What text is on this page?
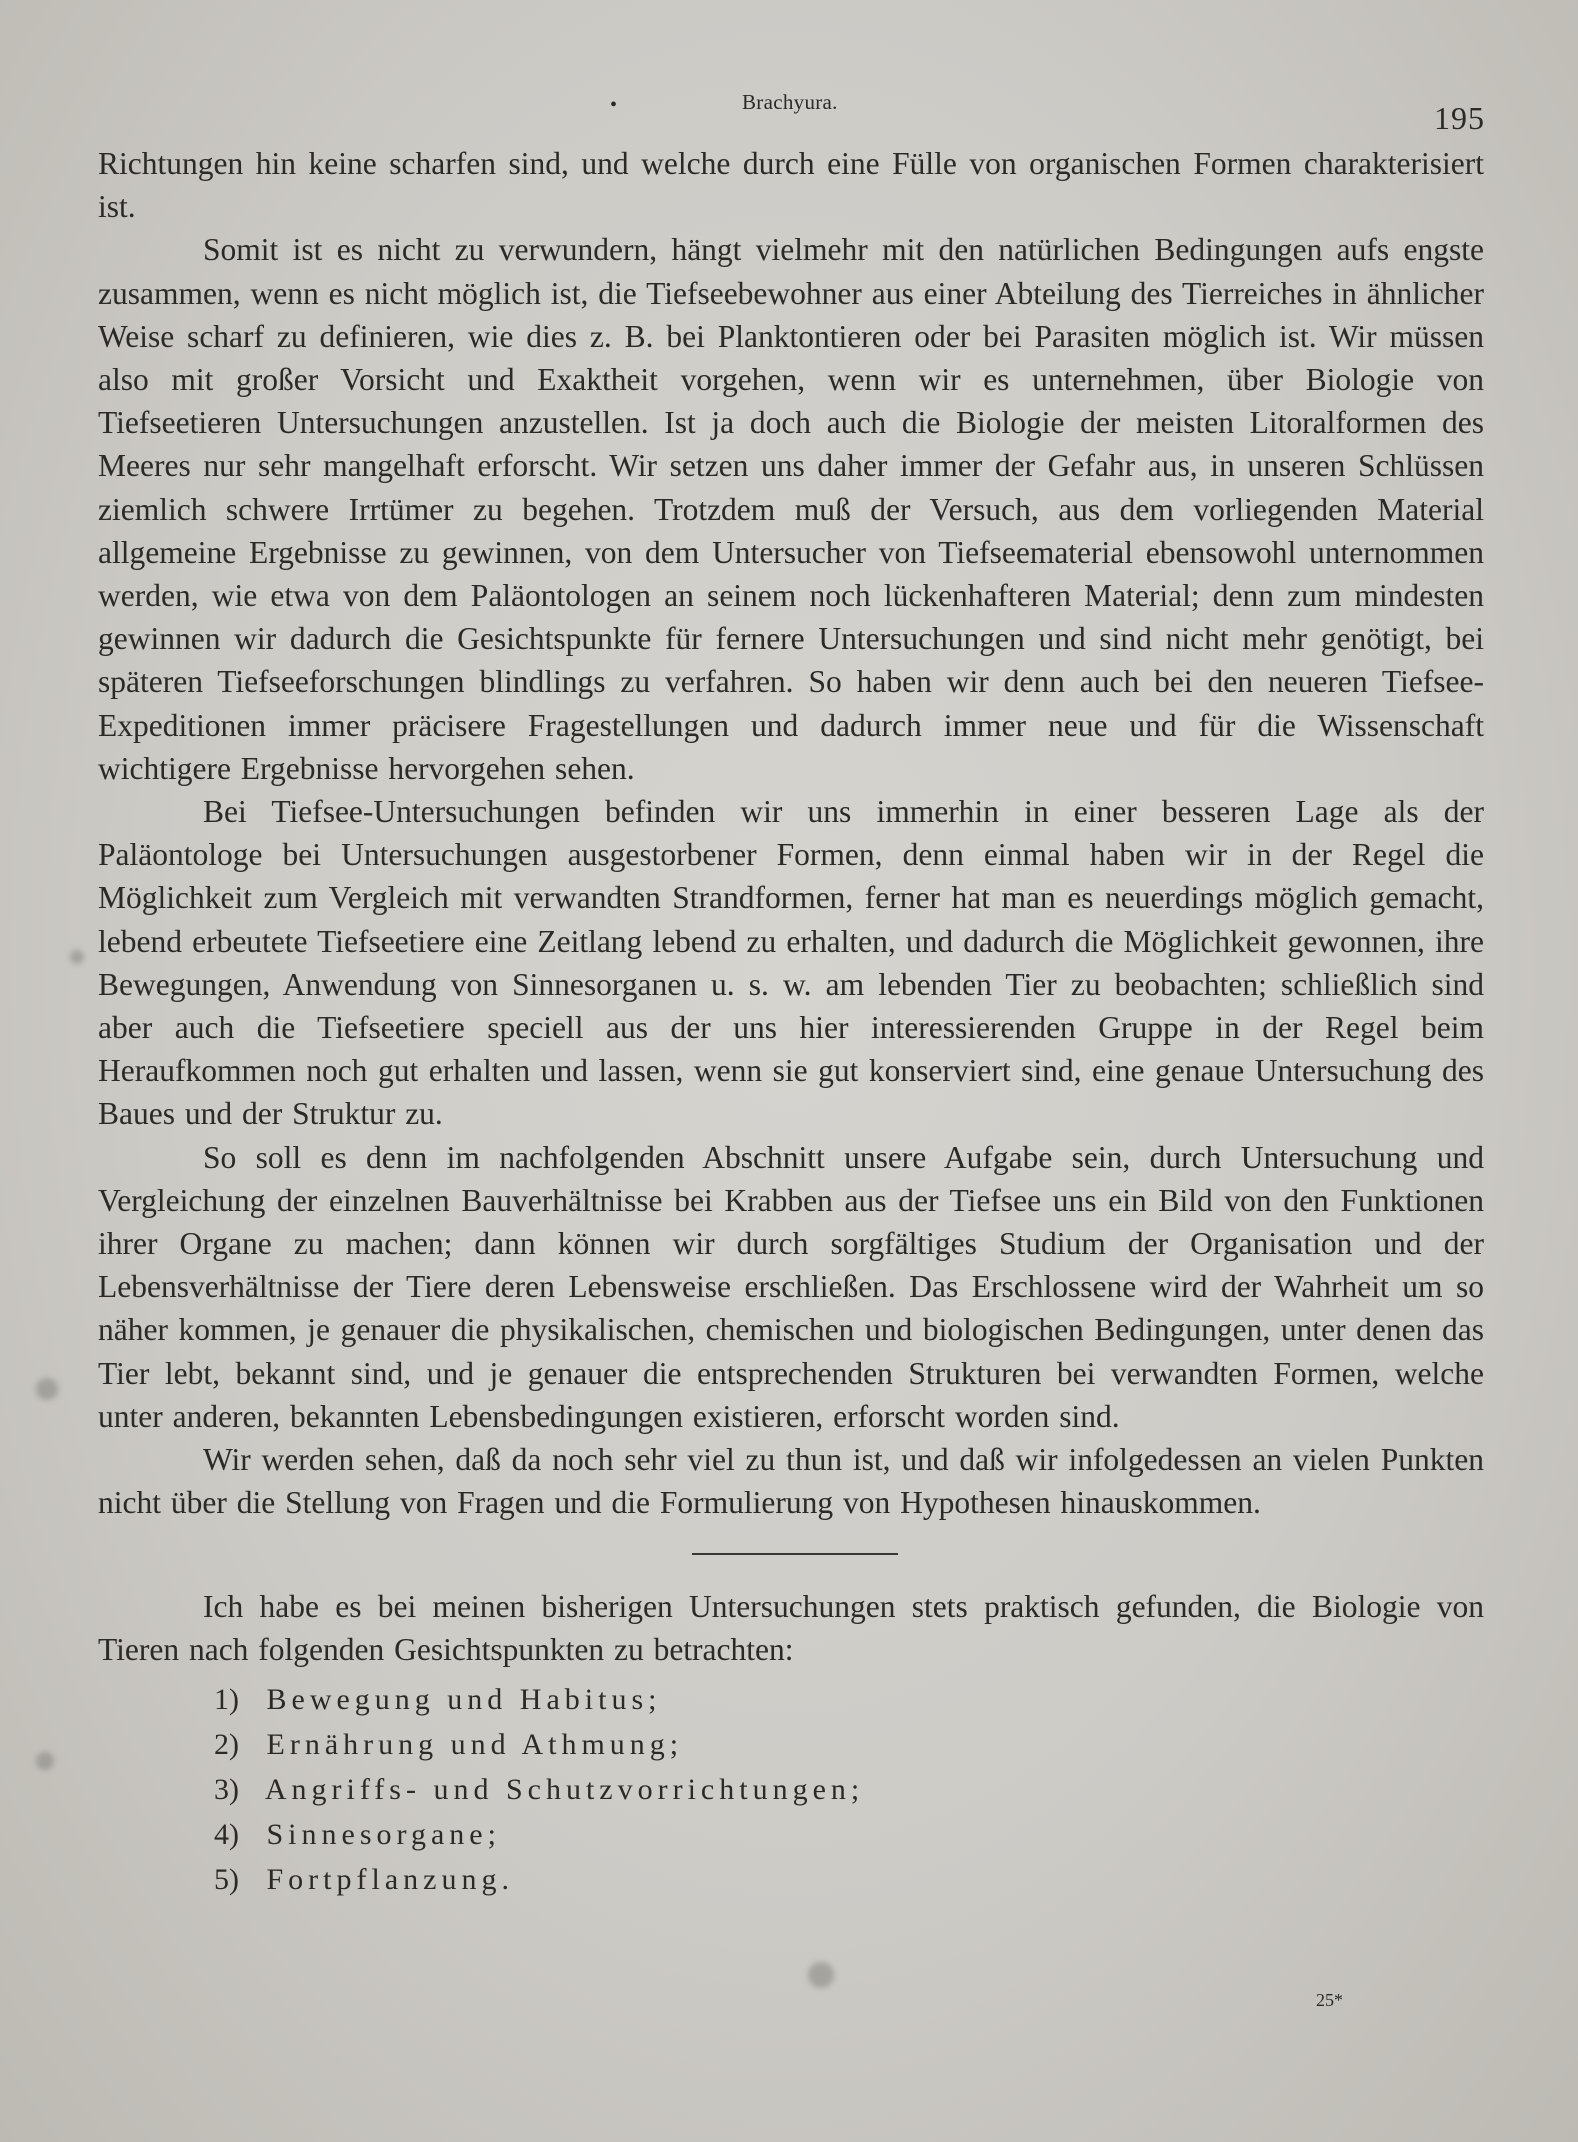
•	Brachyura.	195

Richtungen hin keine scharfen sind, und welche durch eine Fülle von organischen Formen charakterisiert ist.

Somit ist es nicht zu verwundern, hängt vielmehr mit den natürlichen Bedingungen aufs engste zusammen, wenn es nicht möglich ist, die Tiefseebewohner aus einer Abteilung des Tierreiches in ähnlicher Weise scharf zu definieren, wie dies z. B. bei Planktontieren oder bei Parasiten möglich ist. Wir müssen also mit großer Vorsicht und Exaktheit vorgehen, wenn wir es unternehmen, über Biologie von Tiefseetieren Untersuchungen anzustellen. Ist ja doch auch die Biologie der meisten Litoralformen des Meeres nur sehr mangelhaft erforscht. Wir setzen uns daher immer der Gefahr aus, in unseren Schlüssen ziemlich schwere Irrtümer zu begehen. Trotzdem muß der Versuch, aus dem vorliegenden Material allgemeine Ergebnisse zu gewinnen, von dem Untersucher von Tiefseematerial ebensowohl unternommen werden, wie etwa von dem Paläontologen an seinem noch lückenhafteren Material; denn zum mindesten gewinnen wir dadurch die Gesichtspunkte für fernere Untersuchungen und sind nicht mehr genötigt, bei späteren Tiefseeforschungen blindlings zu verfahren. So haben wir denn auch bei den neueren Tiefsee-Expeditionen immer präcisere Fragestellungen und dadurch immer neue und für die Wissenschaft wichtigere Ergebnisse hervorgehen sehen.

Bei Tiefsee-Untersuchungen befinden wir uns immerhin in einer besseren Lage als der Paläontologe bei Untersuchungen ausgestorbener Formen, denn einmal haben wir in der Regel die Möglichkeit zum Vergleich mit verwandten Strandformen, ferner hat man es neuerdings möglich gemacht, lebend erbeutete Tiefseetiere eine Zeitlang lebend zu erhalten, und dadurch die Möglichkeit gewonnen, ihre Bewegungen, Anwendung von Sinnesorganen u. s. w. am lebenden Tier zu beobachten; schließlich sind aber auch die Tiefseetiere speciell aus der uns hier interessierenden Gruppe in der Regel beim Heraufkommen noch gut erhalten und lassen, wenn sie gut konserviert sind, eine genaue Untersuchung des Baues und der Struktur zu.

So soll es denn im nachfolgenden Abschnitt unsere Aufgabe sein, durch Untersuchung und Vergleichung der einzelnen Bauverhältnisse bei Krabben aus der Tiefsee uns ein Bild von den Funktionen ihrer Organe zu machen; dann können wir durch sorgfältiges Studium der Organisation und der Lebensverhältnisse der Tiere deren Lebensweise erschließen. Das Erschlossene wird der Wahrheit um so näher kommen, je genauer die physikalischen, chemischen und biologischen Bedingungen, unter denen das Tier lebt, bekannt sind, und je genauer die entsprechenden Strukturen bei verwandten Formen, welche unter anderen, bekannten Lebensbedingungen existieren, erforscht worden sind.

Wir werden sehen, daß da noch sehr viel zu thun ist, und daß wir infolgedessen an vielen Punkten nicht über die Stellung von Fragen und die Formulierung von Hypothesen hinauskommen.

Ich habe es bei meinen bisherigen Untersuchungen stets praktisch gefunden, die Biologie von Tieren nach folgenden Gesichtspunkten zu betrachten:

1) Bewegung und Habitus;
2) Ernährung und Athmung;
3) Angriffs- und Schutzvorrichtungen;
4) Sinnesorgane;
5) Fortpflanzung.
25*
